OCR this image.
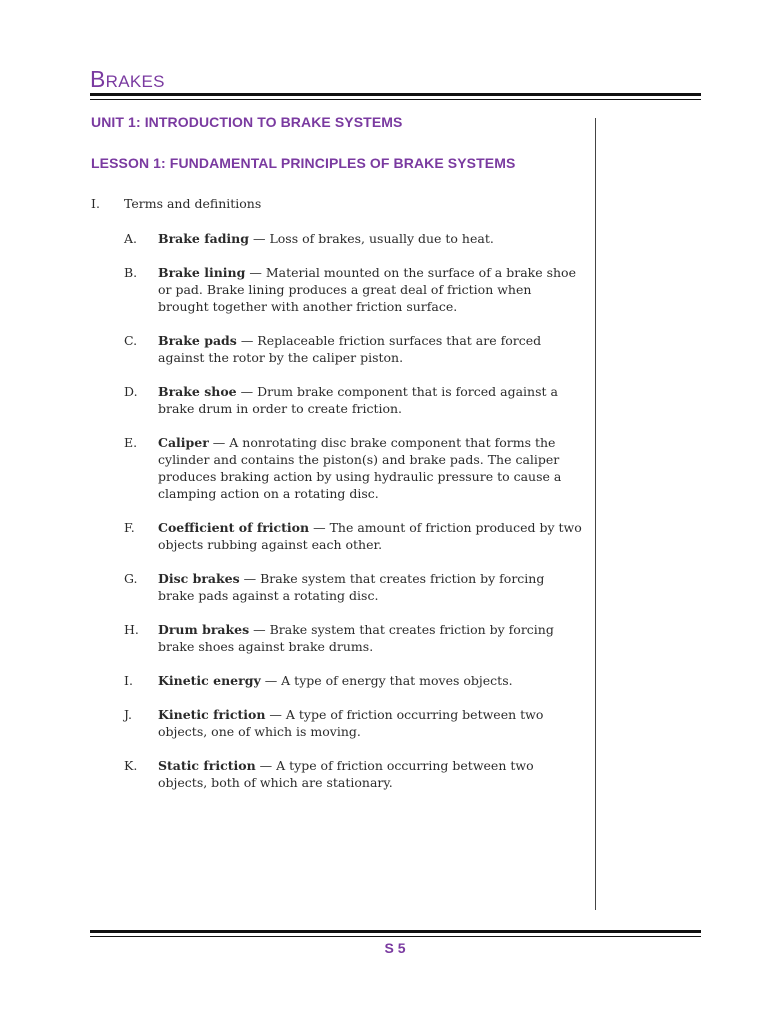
BRAKES
UNIT 1: INTRODUCTION TO BRAKE SYSTEMS
LESSON 1: FUNDAMENTAL PRINCIPLES OF BRAKE SYSTEMS
I. Terms and definitions
A.	Brake fading — Loss of brakes, usually due to heat.
B.	Brake lining — Material mounted on the surface of a brake shoe or pad. Brake lining produces a great deal of friction when brought together with another friction surface.
C.	Brake pads — Replaceable friction surfaces that are forced against the rotor by the caliper piston.
D.	Brake shoe — Drum brake component that is forced against a brake drum in order to create friction.
E.	Caliper — A nonrotating disc brake component that forms the cylinder and contains the piston(s) and brake pads. The caliper produces braking action by using hydraulic pressure to cause a clamping action on a rotating disc.
F.	Coefficient of friction — The amount of friction produced by two objects rubbing against each other.
G.	Disc brakes — Brake system that creates friction by forcing brake pads against a rotating disc.
H.	Drum brakes — Brake system that creates friction by forcing brake shoes against brake drums.
I.	Kinetic energy — A type of energy that moves objects.
J.	Kinetic friction — A type of friction occurring between two objects, one of which is moving.
K.	Static friction — A type of friction occurring between two objects, both of which are stationary.
S 5
